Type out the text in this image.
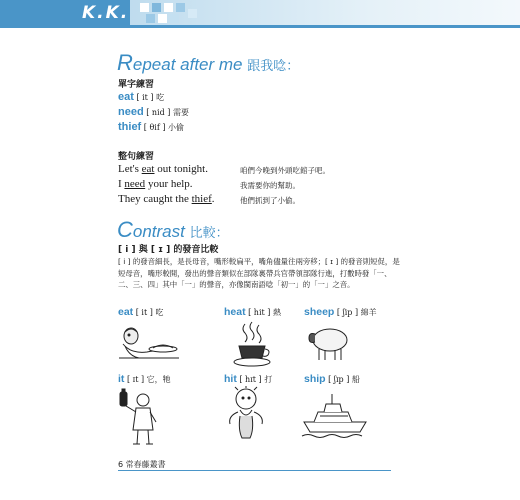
K.K.
Repeat after me 跟我唸：
單字練習
eat [ it ] 吃
need [ nid ] 需要
thief [ θif ] 小偷
整句練習
Let's eat out tonight.	咱們今晚到外頭吃館子吧。
I need your help.	我需要你的幫助。
They caught the thief.	他們抓到了小偷。
Contrast 比較：
[ i ] 與 [ ɪ ] 的發音比較
[ i ] 的發音細長，是長母音，嘴形較扁平，嘴角儘量往兩旁移；[ ɪ ] 的發音則短促，是短母音，嘴形較開，發出的聲音類似在部隊裏帶兵官帶領部隊行進，打數時發「一、二、三、四」其中「一」的聲音，亦像閩南語唸「初一」的「一」之音。
eat [ it ] 吃	heat [ hit ] 熱 sheep [ ʃip ] 綿羊
it [ ɪt ] 它，牠	hit [ hɪt ] 打	ship [ ʃɪp ] 船
6 常春藤叢書
